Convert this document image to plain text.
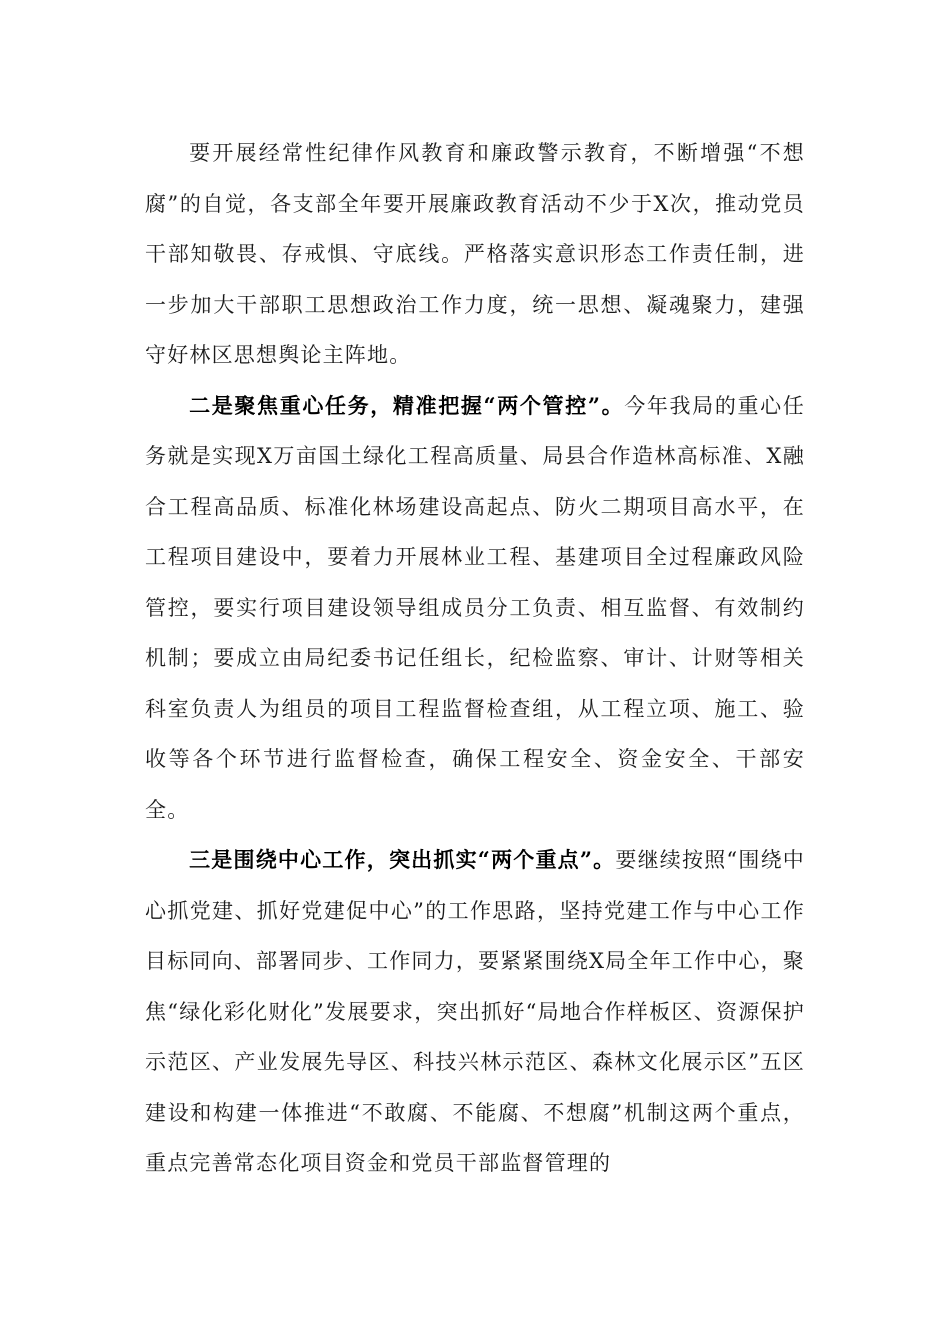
要开展经常性纪律作风教育和廉政警示教育，不断增强“不想腐”的自觉，各支部全年要开展廉政教育活动不少于X次，推动党员干部知敬畏、存戒惧、守底线。严格落实意识形态工作责任制，进一步加大干部职工思想政治工作力度，统一思想、凝魂聚力，建强守好林区思想舆论主阵地。

二是聚焦重心任务，精准把握“两个管控”。今年我局的重心任务就是实现X万亩国土绿化工程高质量、局县合作造林高标准、X融合工程高品质、标准化林场建设高起点、防火二期项目高水平，在工程项目建设中，要着力开展林业工程、基建项目全过程廉政风险管控，要实行项目建设领导组成员分工负责、相互监督、有效制约机制；要成立由局纪委书记任组长，纪检监察、审计、计财等相关科室负责人为组员的项目工程监督检查组，从工程立项、施工、验收等各个环节进行监督检查，确保工程安全、资金安全、干部安全。

三是围绕中心工作，突出抓实“两个重点”。要继续按照“围绕中心抓党建、抓好党建促中心”的工作思路，坚持党建工作与中心工作目标同向、部署同步、工作同力，要紧紧围绕X局全年工作中心，聚焦“绿化彩化财化”发展要求，突出抓好“局地合作样板区、资源保护示范区、产业发展先导区、科技兴林示范区、森林文化展示区”五区建设和构建一体推进“不敢腐、不能腐、不想腐”机制这两个重点，重点完善常态化项目资金和党员干部监督管理的
